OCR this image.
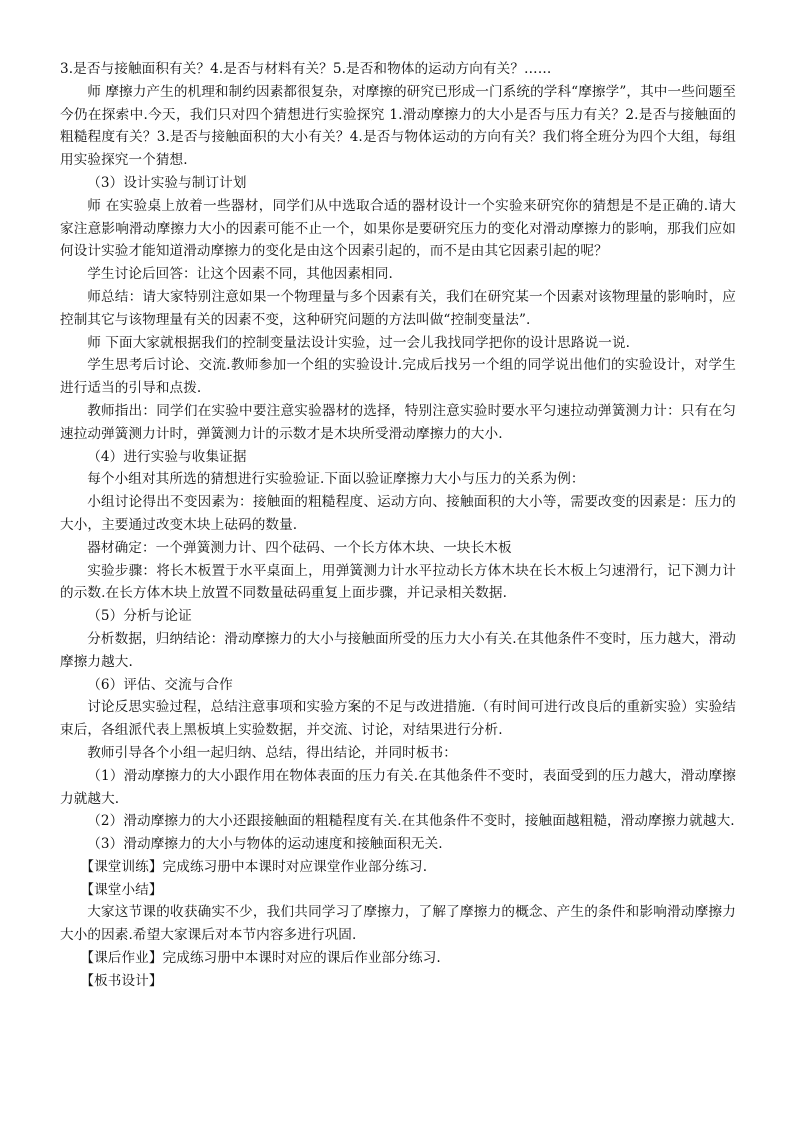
3.是否与接触面积有关？4.是否与材料有关？5.是否和物体的运动方向有关？……

师 摩擦力产生的机理和制约因素都很复杂，对摩擦的研究已形成一门系统的学科“摩擦学”，其中一些问题至今仍在探索中.今天，我们只对四个猜想进行实验探究 1.滑动摩擦力的大小是否与压力有关？2.是否与接触面的粗糙程度有关？3.是否与接触面积的大小有关？4.是否与物体运动的方向有关？我们将全班分为四个大组，每组用实验探究一个猜想.

（3）设计实验与制订计划

师 在实验桌上放着一些器材，同学们从中选取合适的器材设计一个实验来研究你的猜想是不是正确的.请大家注意影响滑动摩擦力大小的因素可能不止一个，如果你是要研究压力的变化对滑动摩擦力的影响，那我们应如何设计实验才能知道滑动摩擦力的变化是由这个因素引起的，而不是由其它因素引起的呢？

学生讨论后回答：让这个因素不同，其他因素相同.

师总结：请大家特别注意如果一个物理量与多个因素有关，我们在研究某一个因素对该物理量的影响时，应控制其它与该物理量有关的因素不变，这种研究问题的方法叫做“控制变量法”.

师 下面大家就根据我们的控制变量法设计实验，过一会儿我找同学把你的设计思路说一说.

学生思考后讨论、交流.教师参加一个组的实验设计.完成后找另一个组的同学说出他们的实验设计，对学生进行适当的引导和点拨.

教师指出：同学们在实验中要注意实验器材的选择，特别注意实验时要水平匀速拉动弹簧测力计：只有在匀速拉动弹簧测力计时，弹簧测力计的示数才是木块所受滑动摩擦力的大小.

（4）进行实验与收集证据

每个小组对其所选的猜想进行实验验证.下面以验证摩擦力大小与压力的关系为例：

小组讨论得出不变因素为：接触面的粗糙程度、运动方向、接触面积的大小等，需要改变的因素是：压力的大小，主要通过改变木块上砝码的数量.

器材确定：一个弹簧测力计、四个砝码、一个长方体木块、一块长木板

实验步骤：将长木板置于水平桌面上，用弹簧测力计水平拉动长方体木块在长木板上匀速滑行，记下测力计的示数.在长方体木块上放置不同数量砝码重复上面步骤，并记录相关数据.

（5）分析与论证

分析数据，归纳结论：滑动摩擦力的大小与接触面所受的压力大小有关.在其他条件不变时，压力越大，滑动摩擦力越大.

（6）评估、交流与合作

讨论反思实验过程，总结注意事项和实验方案的不足与改进措施.（有时间可进行改良后的重新实验）实验结束后，各组派代表上黑板填上实验数据，并交流、讨论，对结果进行分析.

教师引导各个小组一起归纳、总结，得出结论，并同时板书：

（1）滑动摩擦力的大小跟作用在物体表面的压力有关.在其他条件不变时，表面受到的压力越大，滑动摩擦力就越大.

（2）滑动摩擦力的大小还跟接触面的粗糙程度有关.在其他条件不变时，接触面越粗糙，滑动摩擦力就越大.

（3）滑动摩擦力的大小与物体的运动速度和接触面积无关.

【课堂训练】完成练习册中本课时对应课堂作业部分练习.

【课堂小结】

大家这节课的收获确实不少，我们共同学习了摩擦力，了解了摩擦力的概念、产生的条件和影响滑动摩擦力大小的因素.希望大家课后对本节内容多进行巩固.

【课后作业】完成练习册中本课时对应的课后作业部分练习.

【板书设计】
